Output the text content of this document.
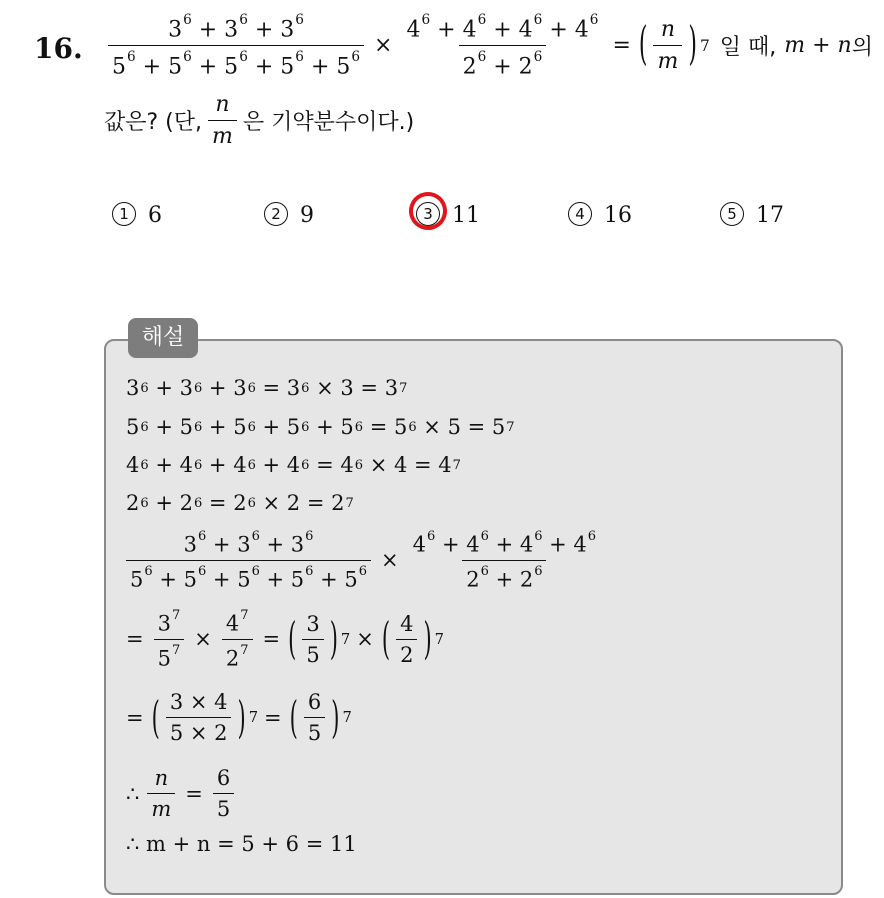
16. $\frac{3^6 + 3^6 + 3^6}{5^6 + 5^6 + 5^6 + 5^6 + 5^6} \times \frac{4^6 + 4^6 + 4^6 + 4^6}{2^6 + 2^6}$ = ( $\frac{n}{m}$ ) 7 일 때, m + n 의
값은? (단, $\frac{n}{m}$ 은 기약분수이다.)
1 6	2 9	3 11	4 16	5 17
해설
3 6 + 3 6 + 3 6 = 3 6 × 3 = 3 7
5 6 + 5 6 + 5 6 + 5 6 + 5 6 = 5 6 × 5 = 5 7
4 6 + 4 6 + 4 6 + 4 6 = 4 6 × 4 = 4 7
2 6 + 2 6 = 2 6 × 2 = 2 7
$\frac{3^6 + 3^6 + 3^6}{5^6 + 5^6 + 5^6 + 5^6 + 5^6} \times \frac{4^6 + 4^6 + 4^6 + 4^6}{2^6 + 2^6}$
= $\frac{3^7}{5^7} \times \frac{4^7}{2^7}$ = ( $\frac{3}{5}$ ) 7 × ( $\frac{4}{2}$ ) 7
= ( $\frac{3 \times 4}{5 \times 2}$ ) 7 = ( $\frac{6}{5}$ ) 7
∴ $\frac{n}{m} = \frac{6}{5}$
∴ m + n = 5 + 6 = 11
